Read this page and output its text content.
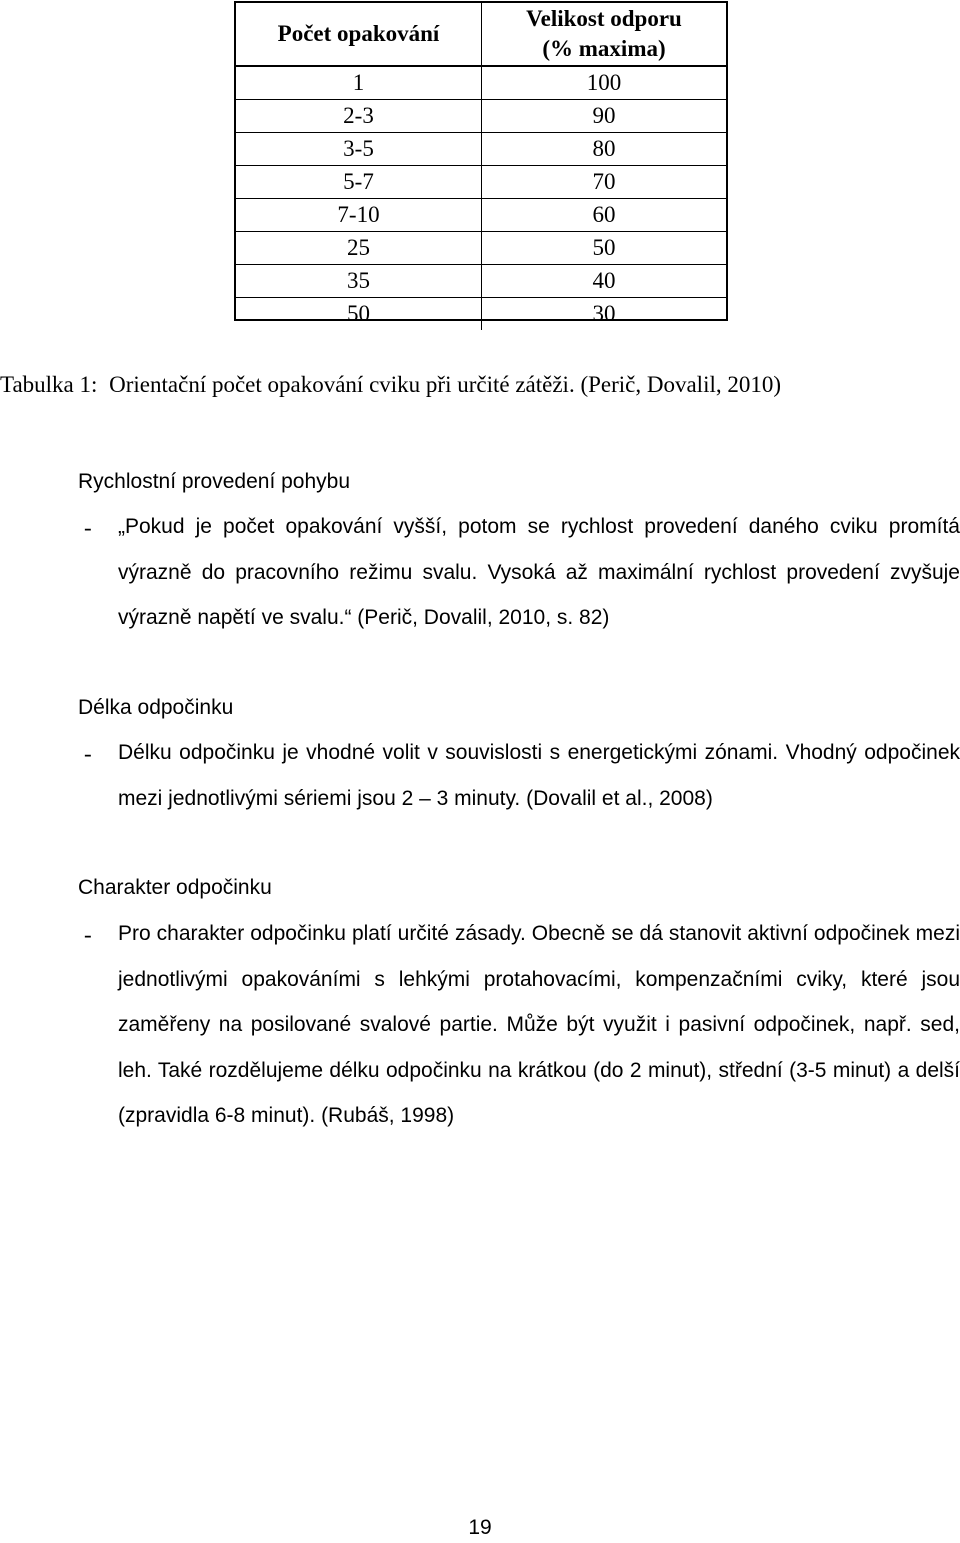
Počet opakování	Velikost odporu
(% maxima)

1	100
2-3	90
3-5	80
5-7	70
7-10	60
25	50
35	40
50	30
Tabulka 1: Orientační počet opakování cviku při určité zátěži. (Perič, Dovalil, 2010)
Rychlostní provedení pohybu
- „Pokud je počet opakování vyšší, potom se rychlost provedení daného cviku promítá výrazně do pracovního režimu svalu. Vysoká až maximální rychlost provedení zvyšuje výrazně napětí ve svalu.“ (Perič, Dovalil, 2010, s. 82)
Délka odpočinku
- Délku odpočinku je vhodné volit v souvislosti s energetickými zónami. Vhodný odpočinek mezi jednotlivými sériemi jsou 2 – 3 minuty. (Dovalil et al., 2008)
Charakter odpočinku
- Pro charakter odpočinku platí určité zásady. Obecně se dá stanovit aktivní odpočinek mezi jednotlivými opakováními s lehkými protahovacími, kompenzačními cviky, které jsou zaměřeny na posilované svalové partie. Může být využit i pasivní odpočinek, např. sed, leh. Také rozdělujeme délku odpočinku na krátkou (do 2 minut), střední (3-5 minut) a delší (zpravidla 6-8 minut). (Rubáš, 1998)
19
